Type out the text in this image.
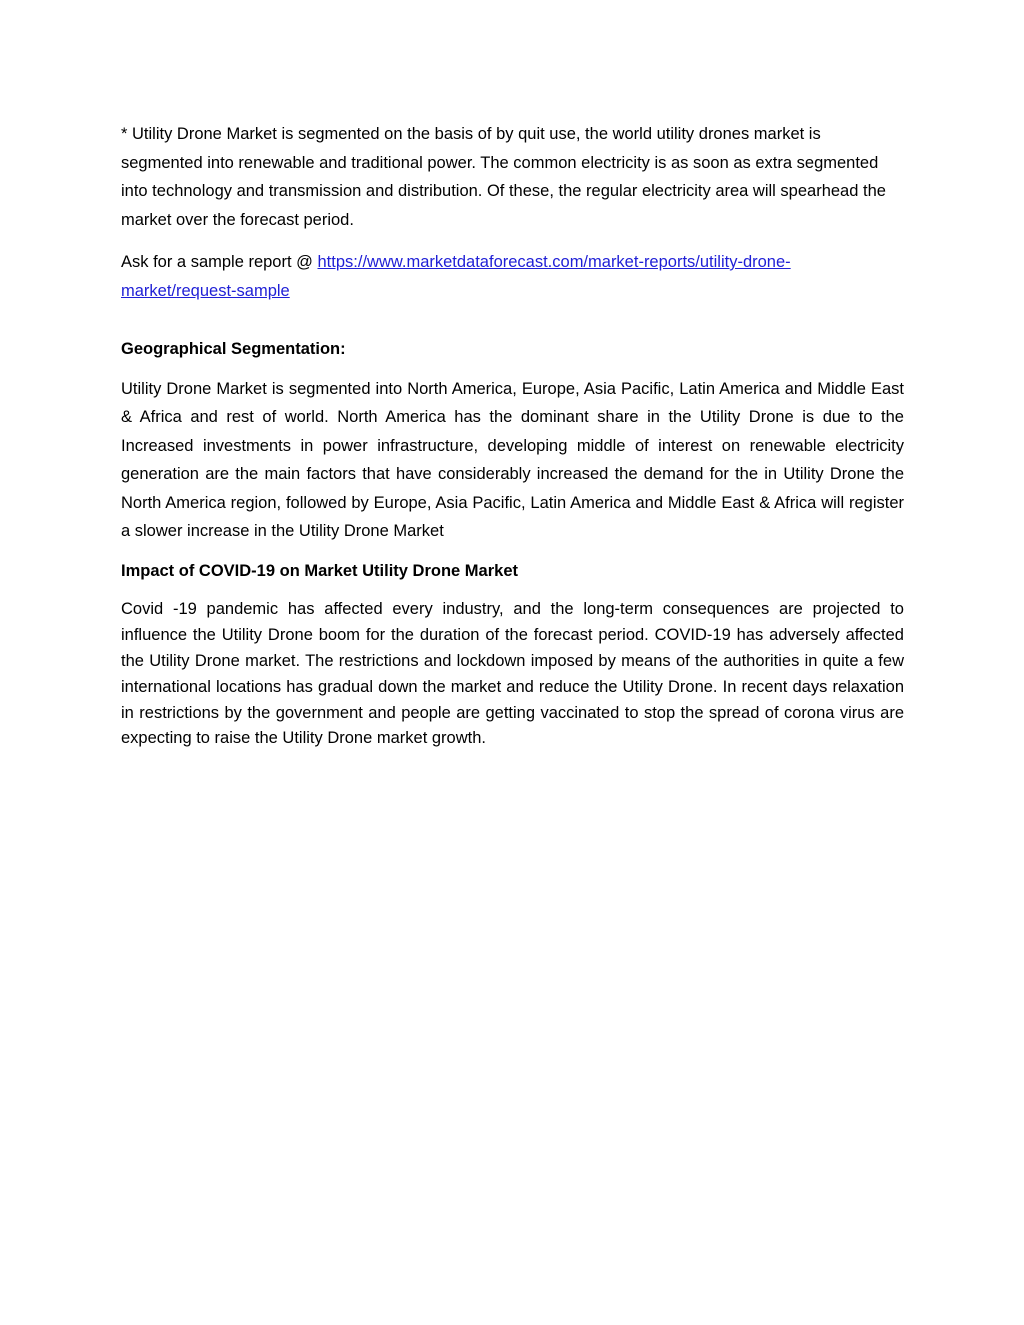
* Utility Drone Market is segmented on the basis of by quit use, the world utility drones market is segmented into renewable and traditional power. The common electricity is as soon as extra segmented into technology and transmission and distribution. Of these, the regular electricity area will spearhead the market over the forecast period.

Ask for a sample report @ https://www.marketdataforecast.com/market-reports/utility-drone-market/request-sample

Geographical Segmentation:

Utility Drone Market is segmented into North America, Europe, Asia Pacific, Latin America and Middle East & Africa and rest of world. North America has the dominant share in the Utility Drone is due to the Increased investments in power infrastructure, developing middle of interest on renewable electricity generation are the main factors that have considerably increased the demand for the in Utility Drone the North America region, followed by Europe, Asia Pacific, Latin America and Middle East & Africa will register a slower increase in the Utility Drone Market

Impact of COVID-19 on Market Utility Drone Market

Covid -19 pandemic has affected every industry, and the long-term consequences are projected to influence the Utility Drone boom for the duration of the forecast period. COVID-19 has adversely affected the Utility Drone market. The restrictions and lockdown imposed by means of the authorities in quite a few international locations has gradual down the market and reduce the Utility Drone. In recent days relaxation in restrictions by the government and people are getting vaccinated to stop the spread of corona virus are expecting to raise the Utility Drone market growth.
